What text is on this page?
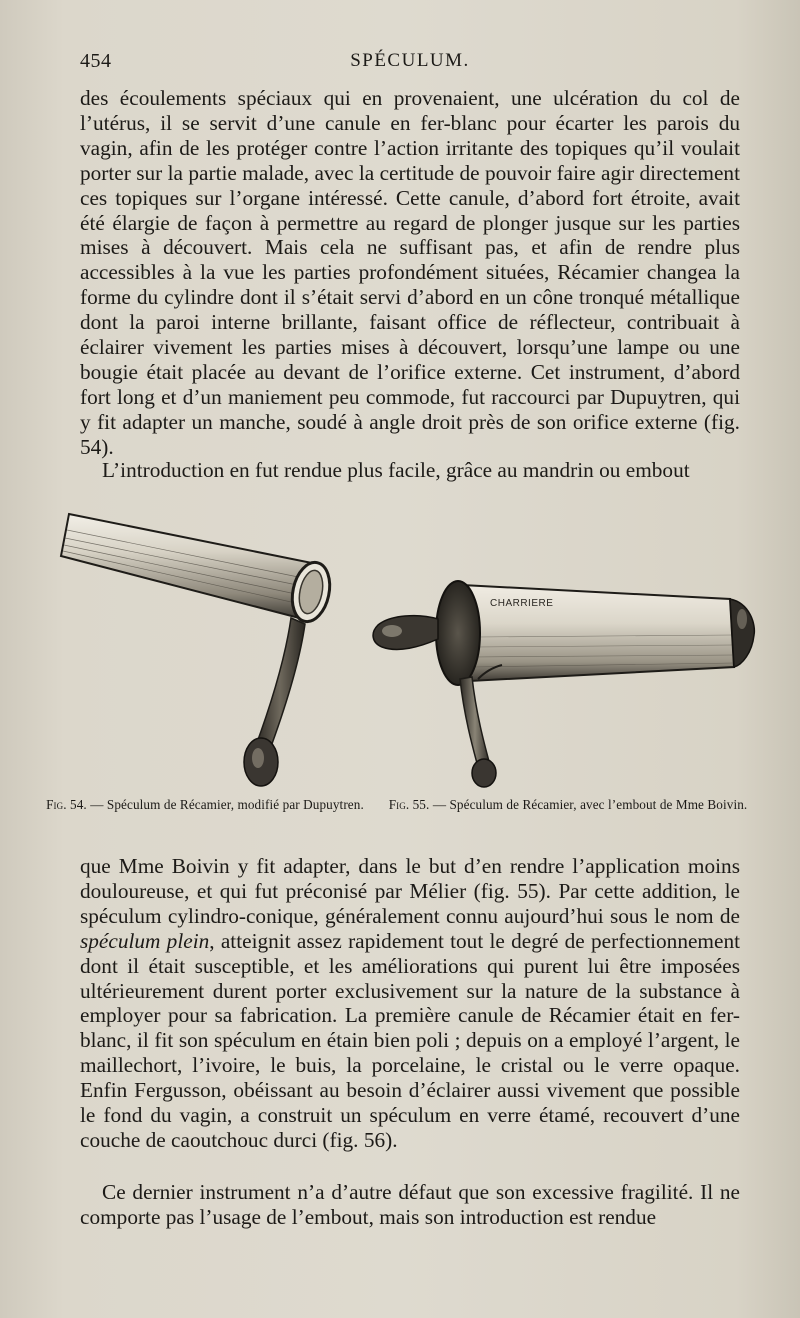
454	SPÉCULUM.

des écoulements spéciaux qui en provenaient, une ulcération du col de l’utérus, il se servit d’une canule en fer-blanc pour écarter les parois du vagin, afin de les protéger contre l’action irritante des topiques qu’il voulait porter sur la partie malade, avec la certitude de pouvoir faire agir directement ces topiques sur l’organe intéressé. Cette canule, d’abord fort étroite, avait été élargie de façon à permettre au regard de plonger jusque sur les parties mises à découvert. Mais cela ne suffisant pas, et afin de rendre plus accessibles à la vue les parties profondément situées, Récamier changea la forme du cylindre dont il s’était servi d’abord en un cône tronqué métallique dont la paroi interne brillante, faisant office de réflecteur, contribuait à éclairer vivement les parties mises à découvert, lorsqu’une lampe ou une bougie était placée au devant de l’orifice externe. Cet instrument, d’abord fort long et d’un maniement peu commode, fut raccourci par Dupuytren, qui y fit adapter un manche, soudé à angle droit près de son orifice externe (fig. 54).

L’introduction en fut rendue plus facile, grâce au mandrin ou embout

CHARRIERE
Fig. 54. — Spéculum de Récamier, modifié par Dupuytren.	Fig. 55. — Spéculum de Récamier, avec l’embout de Mme Boivin.

que Mme Boivin y fit adapter, dans le but d’en rendre l’application moins douloureuse, et qui fut préconisé par Mélier (fig. 55). Par cette addition, le spéculum cylindro-conique, généralement connu aujourd’hui sous le nom de spéculum plein, atteignit assez rapidement tout le degré de perfectionnement dont il était susceptible, et les améliorations qui purent lui être imposées ultérieurement durent porter exclusivement sur la nature de la substance à employer pour sa fabrication. La première canule de Récamier était en fer-blanc, il fit son spéculum en étain bien poli ; depuis on a employé l’argent, le maillechort, l’ivoire, le buis, la porcelaine, le cristal ou le verre opaque. Enfin Fergusson, obéissant au besoin d’éclairer aussi vivement que possible le fond du vagin, a construit un spéculum en verre étamé, recouvert d’une couche de caoutchouc durci (fig. 56).

Ce dernier instrument n’a d’autre défaut que son excessive fragilité. Il ne comporte pas l’usage de l’embout, mais son introduction est rendue
